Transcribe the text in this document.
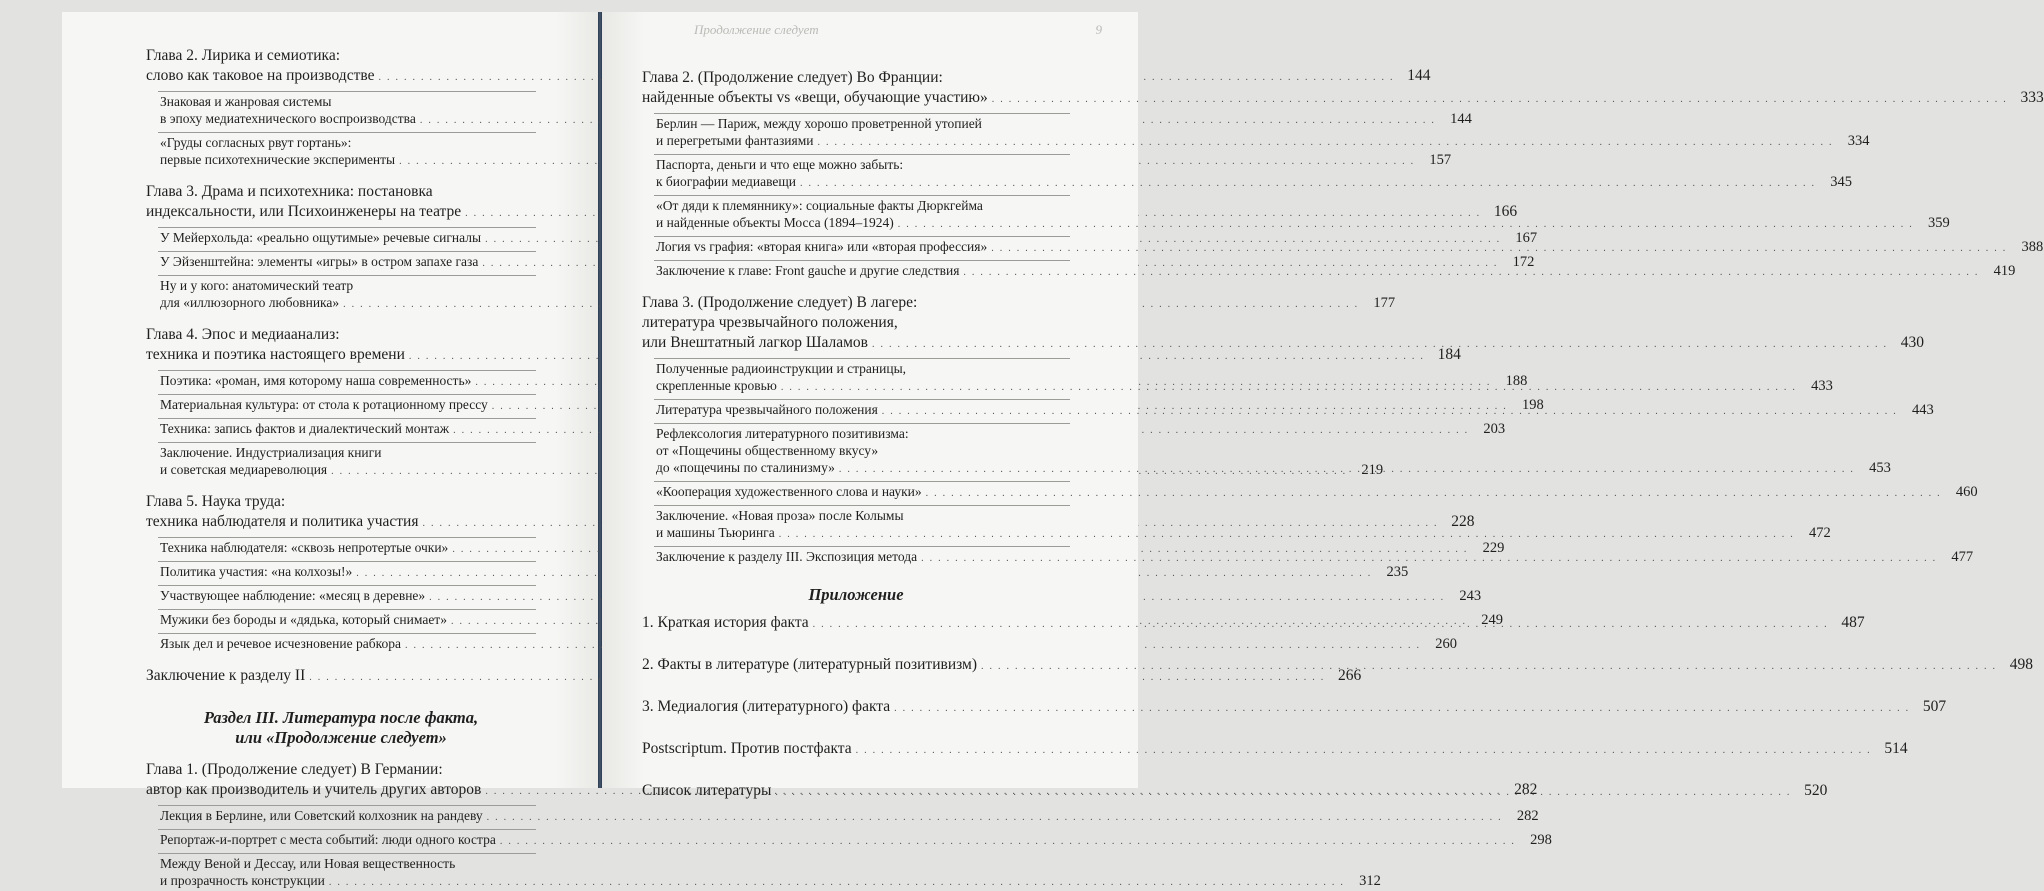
Глава 2. Лирика и семиотика:
слово как таковое на производстве .....	144
Знаковая и жанровая системы
в эпоху медиатехнического воспроизводства .....	144
«Груды согласных рвут гортань»:
первые психотехнические эксперименты .....	157
Глава 3. Драма и психотехника: постановка
индексальности, или Психоинженеры на театре .....	166
У Мейерхольда: «реально ощутимые» речевые сигналы .....	167
У Эйзенштейна: элементы «игры» в остром запахе газа .....	172
Ну и у кого: анатомический театр
для «иллюзорного любовника» .....	177
Глава 4. Эпос и медиаанализ:
техника и поэтика настоящего времени .....	184
Поэтика: «роман, имя которому наша современность» .....	188
Материальная культура: от стола к ротационному прессу .....	198
Техника: запись фактов и диалектический монтаж .....	203
Заключение. Индустриализация книги
и советская медиареволюция .....	219
Глава 5. Наука труда:
техника наблюдателя и политика участия .....	228
Техника наблюдателя: «сквозь непротертые очки» .....	229
Политика участия: «на колхозы!» .....	235
Участвующее наблюдение: «месяц в деревне» .....	243
Мужики без бороды и «дядька, который снимает» .....	249
Язык дел и речевое исчезновение рабкора .....	260
Заключение к разделу II .....	266
Раздел III. Литература после факта,
или «Продолжение следует»
Глава 1. (Продолжение следует) В Германии:
автор как производитель и учитель других авторов .....	282
Лекция в Берлине, или Советский колхозник на рандеву .....	282
Репортаж-и-портрет с места событий: люди одного костра .....	298
Между Веной и Дессау, или Новая вещественность
и прозрачность конструкции .....	312
Продолжение следует	9
Глава 2. (Продолжение следует) Во Франции:
найденные объекты vs «вещи, обучающие участию» .....	333
Берлин — Париж, между хорошо проветренной утопией
и перегретыми фантазиями .....	334
Паспорта, деньги и что еще можно забыть:
к биографии медиавещи .....	345
«От дяди к племяннику»: социальные факты Дюркгейма
и найденные объекты Мосса (1894–1924) .....	359
Логия vs графия: «вторая книга» или «вторая профессия» .....	388
Заключение к главе: Front gauche и другие следствия .....	419
Глава 3. (Продолжение следует) В лагере:
литература чрезвычайного положения,
или Внештатный лагкор Шаламов .....	430
Полученные радиоинструкции и страницы,
скрепленные кровью .....	433
Литература чрезвычайного положения .....	443
Рефлексология литературного позитивизма:
от «Пощечины общественному вкусу»
до «пощечины по сталинизму» .....	453
«Кооперация художественного слова и науки» .....	460
Заключение. «Новая проза» после Колымы
и машины Тьюринга .....	472
Заключение к разделу III. Экспозиция метода .....	477
Приложение
1. Краткая история факта .....	487
2. Факты в литературе (литературный позитивизм) .....	498
3. Медиалогия (литературного) факта .....	507
Postscriptum. Против постфакта .....	514
Список литературы .....	520
